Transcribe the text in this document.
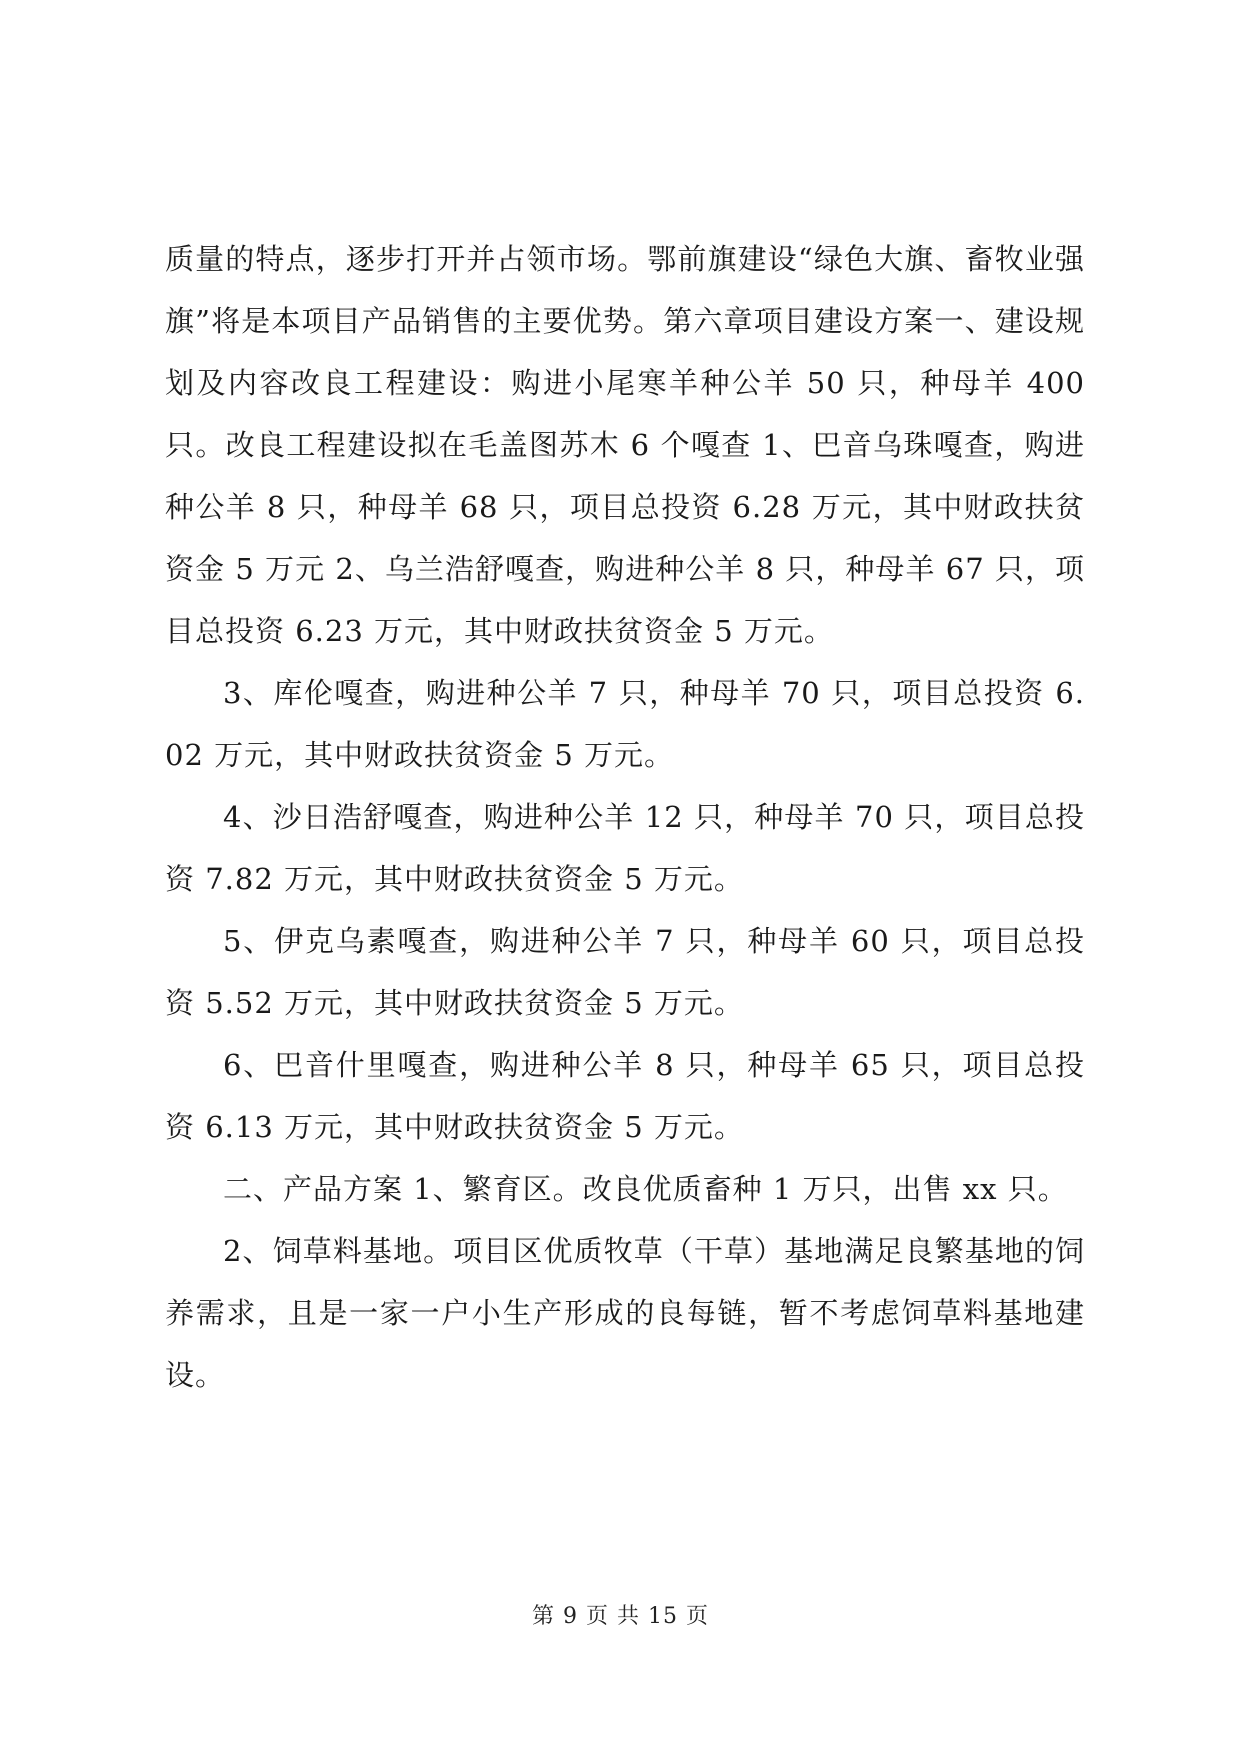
质量的特点，逐步打开并占领市场。鄂前旗建设“绿色大旗、畜牧业强旗”将是本项目产品销售的主要优势。第六章项目建设方案一、建设规划及内容改良工程建设：购进小尾寒羊种公羊 50 只，种母羊 400 只。改良工程建设拟在毛盖图苏木 6 个嘎查 1、巴音乌珠嘎查，购进种公羊 8 只，种母羊 68 只，项目总投资 6.28 万元，其中财政扶贫资金 5 万元 2、乌兰浩舒嘎查，购进种公羊 8 只，种母羊 67 只，项目总投资 6.23 万元，其中财政扶贫资金 5 万元。

3、库伦嘎查，购进种公羊 7 只，种母羊 70 只，项目总投资 6.02 万元，其中财政扶贫资金 5 万元。

4、沙日浩舒嘎查，购进种公羊 12 只，种母羊 70 只，项目总投资 7.82 万元，其中财政扶贫资金 5 万元。

5、伊克乌素嘎查，购进种公羊 7 只，种母羊 60 只，项目总投资 5.52 万元，其中财政扶贫资金 5 万元。

6、巴音什里嘎查，购进种公羊 8 只，种母羊 65 只，项目总投资 6.13 万元，其中财政扶贫资金 5 万元。

二、产品方案 1、繁育区。改良优质畜种 1 万只，出售 xx 只。

2、饲草料基地。项目区优质牧草（干草）基地满足良繁基地的饲养需求，且是一家一户小生产形成的良每链，暂不考虑饲草料基地建设。

第 9 页 共 15 页
